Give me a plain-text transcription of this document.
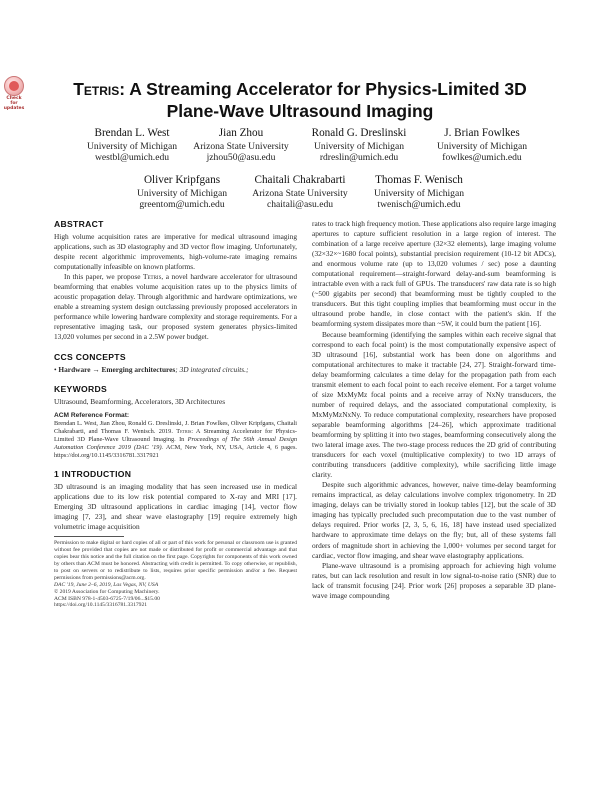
Check for updates
Tetris: A Streaming Accelerator for Physics-Limited 3D
Plane-Wave Ultrasound Imaging
Brendan L. West
University of Michigan
westbl@umich.edu
Jian Zhou
Arizona State University
jzhou50@asu.edu
Ronald G. Dreslinski
University of Michigan
rdreslin@umich.edu
J. Brian Fowlkes
University of Michigan
fowlkes@umich.edu
Oliver Kripfgans
University of Michigan
greentom@umich.edu
Chaitali Chakrabarti
Arizona State University
chaitali@asu.edu
Thomas F. Wenisch
University of Michigan
twenisch@umich.edu
ABSTRACT

High volume acquisition rates are imperative for medical ultrasound imaging applications, such as 3D elastography and 3D vector flow imaging. Unfortunately, despite recent algorithmic improvements, high-volume-rate imaging remains computationally infeasible on known platforms.

In this paper, we propose Tetris, a novel hardware accelerator for ultrasound beamforming that enables volume acquisition rates up to the physics limits of acoustic propagation delay. Through algorithmic and hardware optimizations, we enable a streaming system design outclassing previously proposed accelerators in performance while lowering hardware complexity and storage requirements. For a representative imaging task, our proposed system generates physics-limited 13,020 volumes per second in a 2.5W power budget.

CCS CONCEPTS

• Hardware → Emerging architectures; 3D integrated circuits.;

KEYWORDS

Ultrasound, Beamforming, Accelerators, 3D Architectures

ACM Reference Format:

Brendan L. West, Jian Zhou, Ronald G. Dreslinski, J. Brian Fowlkes, Oliver Kripfgans, Chaitali Chakrabarti, and Thomas F. Wenisch. 2019. Tetris: A Streaming Accelerator for Physics-Limited 3D Plane-Wave Ultrasound Imaging. In Proceedings of The 56th Annual Design Automation Conference 2019 (DAC '19). ACM, New York, NY, USA, Article 4, 6 pages. https://doi.org/10.1145/3316781.3317921

1 INTRODUCTION

3D ultrasound is an imaging modality that has seen increased use in medical applications due to its low risk potential compared to X-ray and MRI [17]. Emerging 3D ultrasound applications in cardiac imaging [14], vector flow imaging [7, 23], and shear wave elastography [19] require extremely high volumetric image acquisition

Permission to make digital or hard copies of all or part of this work for personal or classroom use is granted without fee provided that copies are not made or distributed for profit or commercial advantage and that copies bear this notice and the full citation on the first page. Copyrights for components of this work owned by others than ACM must be honored. Abstracting with credit is permitted. To copy otherwise, or republish, to post on servers or to redistribute to lists, requires prior specific permission and/or a fee. Request permissions from permissions@acm.org.
DAC '19, June 2–6, 2019, Las Vegas, NV, USA
© 2019 Association for Computing Machinery.
ACM ISBN 978-1-4503-6725-7/19/06...$15.00
https://doi.org/10.1145/3316781.3317921

rates to track high frequency motion. These applications also require large imaging apertures to capture sufficient resolution in a large region of interest. The combination of a large receive aperture (32×32 elements), large imaging volume (32×32×~1680 focal points), substantial precision requirement (10-12 bit ADCs), and enormous volume rate (up to 13,020 volumes / sec) pose a daunting computational requirement—straight-forward delay-and-sum beamforming is intractable even with a rack full of GPUs. The transducers' raw data rate is so high (~500 gigabits per second) that beamforming must be tightly coupled to the transducers. But this tight coupling implies that beamforming must occur in the ultrasound probe handle, in close contact with the patient's skin. If the beamforming system dissipates more than ~5W, it could burn the patient [16].

Because beamforming (identifying the samples within each receive signal that correspond to each focal point) is the most computationally expensive aspect of 3D ultrasound [16], substantial work has been done on algorithms and computational architectures to make it tractable [24, 27]. Straight-forward time-delay beamforming calculates a time delay for the propagation path from each transmit element to each focal point to each receive element. For a target volume of size MxMyMz focal points and a receive array of NxNy transducers, the number of required delays, and the associated computational complexity, is MxMyMzNxNy. To reduce computational complexity, researchers have proposed separable beamforming algorithms [24–26], which approximate traditional beamforming by splitting it into two stages, beamforming consecutively along the two lateral image axes. The two-stage process reduces the 2D grid of contributing transducers for each voxel (multiplicative complexity) to two 1D arrays of contributing transducers (additive complexity), while sacrificing little image clarity.

Despite such algorithmic advances, however, naive time-delay beamforming remains impractical, as delay calculations involve complex trigonometry. In 2D imaging, delays can be trivially stored in lookup tables [12], but the scale of 3D imaging has typically precluded such precomputation due to the vast number of delays required. Prior works [2, 3, 5, 6, 16, 18] have instead used specialized hardware to approximate time delays on the fly; but, all of these systems fall orders of magnitude short in achieving the 1,000+ volumes per second target for cardiac, vector flow imaging, and shear wave elastography applications.

Plane-wave ultrasound is a promising approach for achieving high volume rates, but can lack resolution and result in low signal-to-noise ratio (SNR) due to lack of transmit focusing [24]. Prior work [26] proposes a separable 3D plane-wave image compounding
